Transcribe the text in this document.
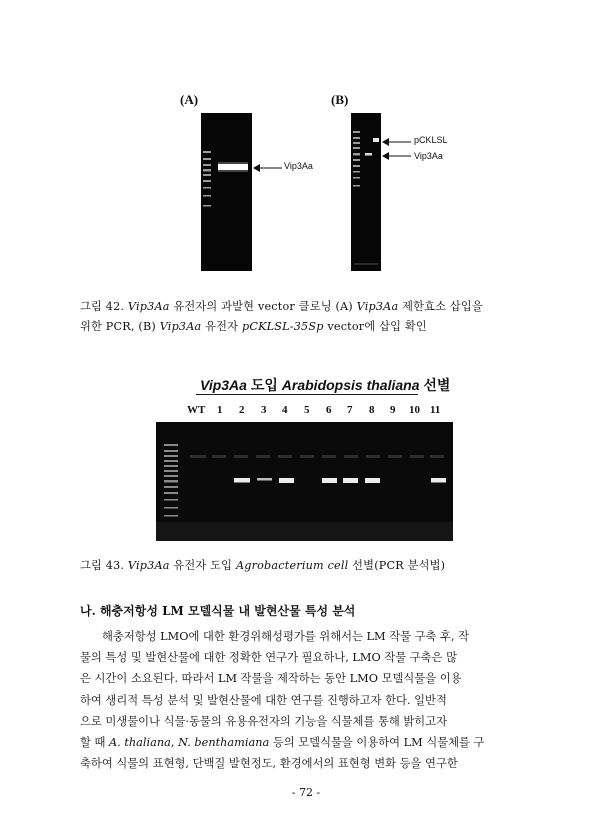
(A)	(B)
Vip3Aa
pCKLSL
Vip3Aa
그림 42. Vip3Aa 유전자의 과발현 vector 클로닝 (A) Vip3Aa 제한효소 삽입을
위한 PCR, (B) Vip3Aa 유전자 pCKLSL-35Sp vector에 삽입 확인
Vip3Aa 도입 Arabidopsis thaliana 선별
WT 1 2 3 4 5 6 7 8 9 10 11
그림 43. Vip3Aa 유전자 도입 Agrobacterium cell 선별(PCR 분석법)
나. 해충저항성 LM 모델식물 내 발현산물 특성 분석
해충저항성 LMO에 대한 환경위해성평가를 위해서는 LM 작물 구축 후, 작
물의 특성 및 발현산물에 대한 정확한 연구가 필요하나, LMO 작물 구축은 많
은 시간이 소요된다. 따라서 LM 작물을 제작하는 동안 LMO 모델식물을 이용
하여 생리적 특성 분석 및 발현산물에 대한 연구를 진행하고자 한다. 일반적
으로 미생물이나 식물·동물의 유용유전자의 기능을 식물체를 통해 밝히고자
할 때 A. thaliana, N. benthamiana 등의 모델식물을 이용하여 LM 식물체를 구
축하여 식물의 표현형, 단백질 발현정도, 환경에서의 표현형 변화 등을 연구한
- 72 -
